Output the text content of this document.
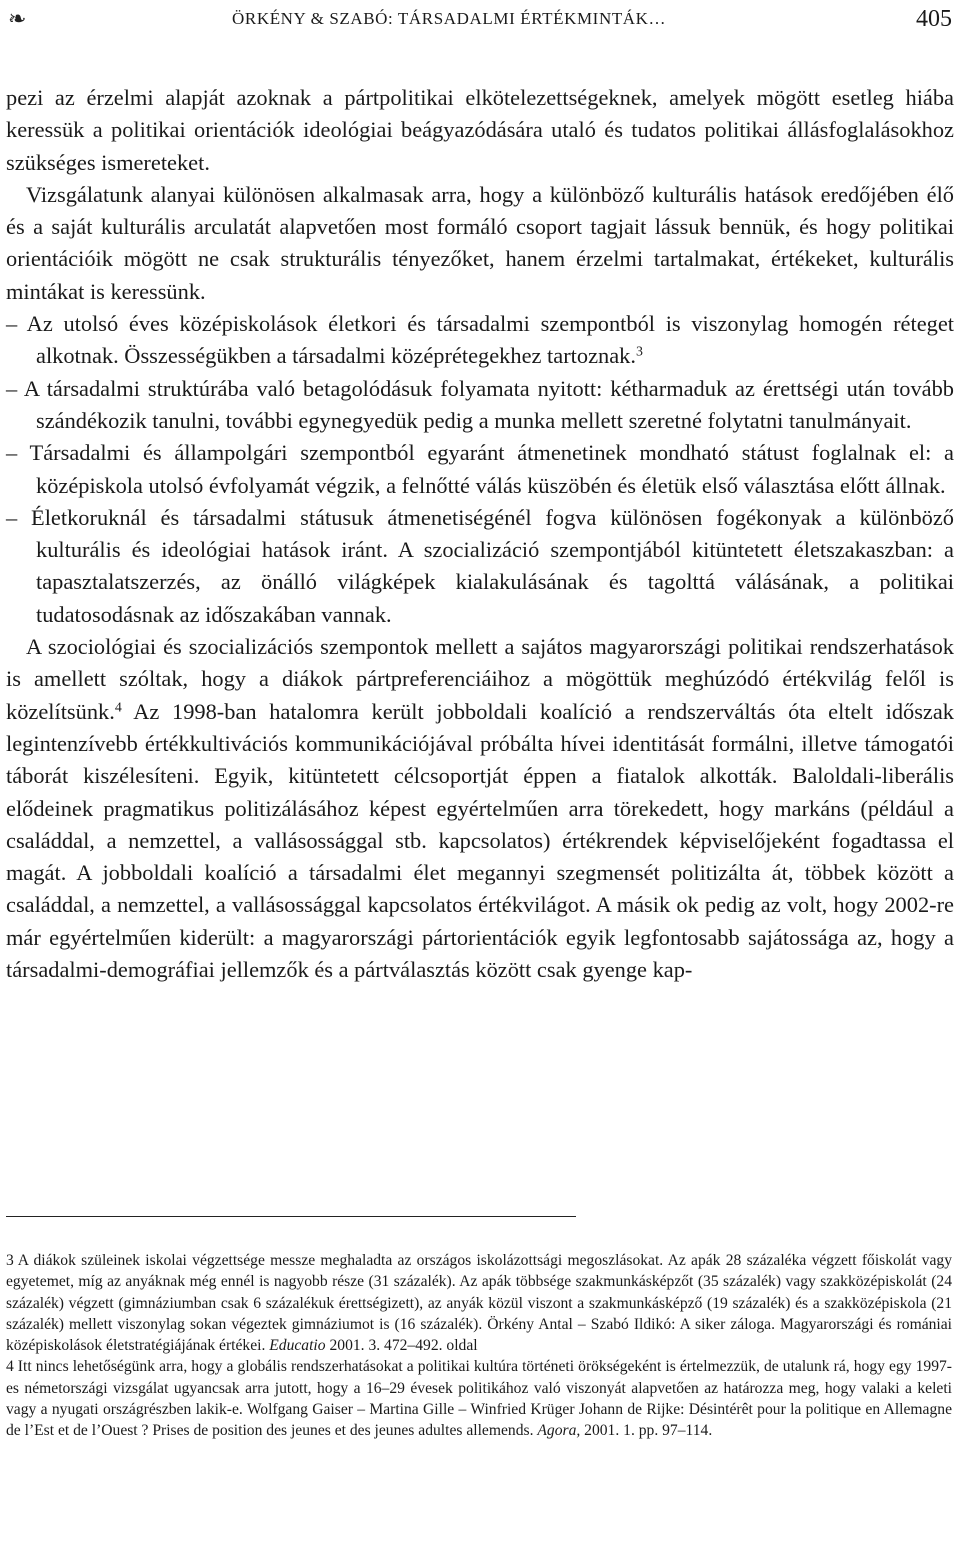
❧	ÖRKÉNY & SZABÓ: TÁRSADALMI ÉRTÉKMINTÁK…	405

pezi az érzelmi alapját azoknak a pártpolitikai elkötelezettségeknek, amelyek mögött esetleg hiába keressük a politikai orientációk ideológiai beágyazódására utaló és tudatos politikai állásfoglalásokhoz szükséges ismereteket.

Vizsgálatunk alanyai különösen alkalmasak arra, hogy a különböző kulturális hatások eredőjében élő és a saját kulturális arculatát alapvetően most formáló csoport tagjait lássuk bennük, és hogy politikai orientációik mögött ne csak strukturális tényezőket, hanem érzelmi tartalmakat, értékeket, kulturális mintákat is keressünk.

– Az utolsó éves középiskolások életkori és társadalmi szempontból is viszonylag homogén réteget alkotnak. Összességükben a társadalmi középrétegekhez tartoznak.$^3$

– A társadalmi struktúrába való betagolódásuk folyamata nyitott: kétharmaduk az érettségi után tovább szándékozik tanulni, további egynegyedük pedig a munka mellett szeretné folytatni tanulmányait.

– Társadalmi és állampolgári szempontból egyaránt átmenetinek mondható státust foglalnak el: a középiskola utolsó évfolyamát végzik, a felnőtté válás küszöbén és életük első választása előtt állnak.

– Életkoruknál és társadalmi státusuk átmenetiségénél fogva különösen fogékonyak a különböző kulturális és ideológiai hatások iránt. A szocializáció szempontjából kitüntetett életszakaszban: a tapasztalatszerzés, az önálló világképek kialakulásának és tagolttá válásának, a politikai tudatosodásnak az időszakában vannak.

A szociológiai és szocializációs szempontok mellett a sajátos magyarországi politikai rendszerhatások is amellett szóltak, hogy a diákok pártpreferenciáihoz a mögöttük meghúzódó értékvilág felől is közelítsünk.$^4$ Az 1998-ban hatalomra került jobboldali koalíció a rendszerváltás óta eltelt időszak legintenzívebb értékkultivációs kommunikációjával próbálta hívei identitását formálni, illetve támogatói táborát kiszélesíteni. Egyik, kitüntetett célcsoportját éppen a fiatalok alkották. Baloldali-liberális elődeinek pragmatikus politizálásához képest egyértelműen arra törekedett, hogy markáns (például a családdal, a nemzettel, a vallásossággal stb. kapcsolatos) értékrendek képviselőjeként fogadtassa el magát. A jobboldali koalíció a társadalmi élet megannyi szegmensét politizálta át, többek között a családdal, a nemzettel, a vallásossággal kapcsolatos értékvilágot. A másik ok pedig az volt, hogy 2002-re már egyértelműen kiderült: a magyarországi pártorientációk egyik legfontosabb sajátossága az, hogy a társadalmi-demográfiai jellemzők és a pártválasztás között csak gyenge kap-

3 A diákok szüleinek iskolai végzettsége messze meghaladta az országos iskolázottsági megoszlásokat. Az apák 28 százaléka végzett főiskolát vagy egyetemet, míg az anyáknak még ennél is nagyobb része (31 százalék). Az apák többsége szakmunkásképzőt (35 százalék) vagy szakközépiskolát (24 százalék) végzett (gimnáziumban csak 6 százalékuk érettségizett), az anyák közül viszont a szakmunkásképző (19 százalék) és a szakközépiskola (21 százalék) mellett viszonylag sokan végeztek gimnáziumot is (16 százalék). Örkény Antal – Szabó Ildikó: A siker záloga. Magyarországi és romániai középiskolások életstratégiájának értékei. Educatio 2001. 3. 472–492. oldal

4 Itt nincs lehetőségünk arra, hogy a globális rendszerhatásokat a politikai kultúra történeti örökségeként is értelmezzük, de utalunk rá, hogy egy 1997-es németországi vizsgálat ugyancsak arra jutott, hogy a 16–29 évesek politikához való viszonyát alapvetően az határozza meg, hogy valaki a keleti vagy a nyugati országrészben lakik-e. Wolfgang Gaiser – Martina Gille – Winfried Krüger Johann de Rijke: Désintérêt pour la politique en Allemagne de l’Est et de l’Ouest ? Prises de position des jeunes et des jeunes adultes allemends. Agora, 2001. 1. pp. 97–114.
